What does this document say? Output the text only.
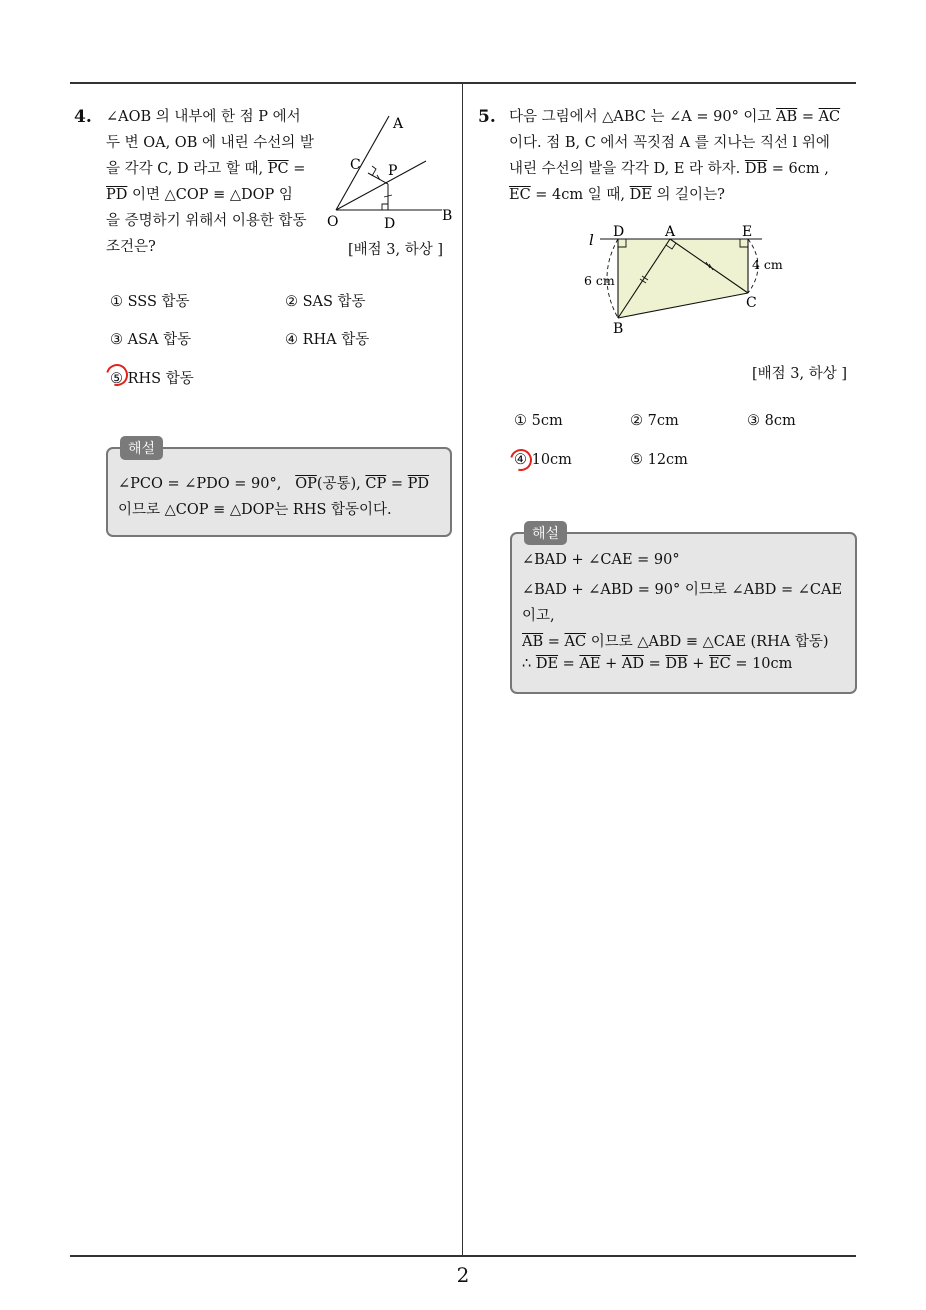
2
4. ∠AOB 의 내부에 한 점 P 에서
두 변 OA, OB 에 내린 수선의 발
을 각각 C, D 라고 할 때, $\overline{PC}$ =
$\overline{PD}$ 이면 △COP ≡ △DOP 임
을 증명하기 위해서 이용한 합동
조건은?
A
C P
O	D	B
[배점 3, 하상 ]
① SSS 합동	② SAS 합동
③ ASA 합동	④ RHA 합동
⑤ RHS 합동
해설
∠PCO = ∠PDO = 90°, $\overline{OP}$(공통), $\overline{CP} = \overline{PD}$
이므로 △COP ≡ △DOP는 RHS 합동이다.
5. 다음 그림에서 △ABC 는 ∠A = 90° 이고 $\overline{AB} = \overline{AC}$
이다. 점 B, C 에서 꼭짓점 A 를 지나는 직선 l 위에
내린 수선의 발을 각각 D, E 라 하자. $\overline{DB} = 6cm$ ,
$\overline{EC} = 4cm$ 일 때, $\overline{DE}$ 의 길이는?
l D	A	E
B
C
6 cm
4 cm
[배점 3, 하상 ]
① 5cm	② 7cm	③ 8cm
④ 10cm	⑤ 12cm
해설
∠BAD + ∠CAE = 90°
∠BAD + ∠ABD = 90° 이므로 ∠ABD = ∠CAE
이고,
$\overline{AB} = \overline{AC}$ 이므로 △ABD ≡ △CAE (RHA 합동)
∴ $\overline{DE} = \overline{AE} + \overline{AD} = \overline{DB} + \overline{EC} = 10cm$
